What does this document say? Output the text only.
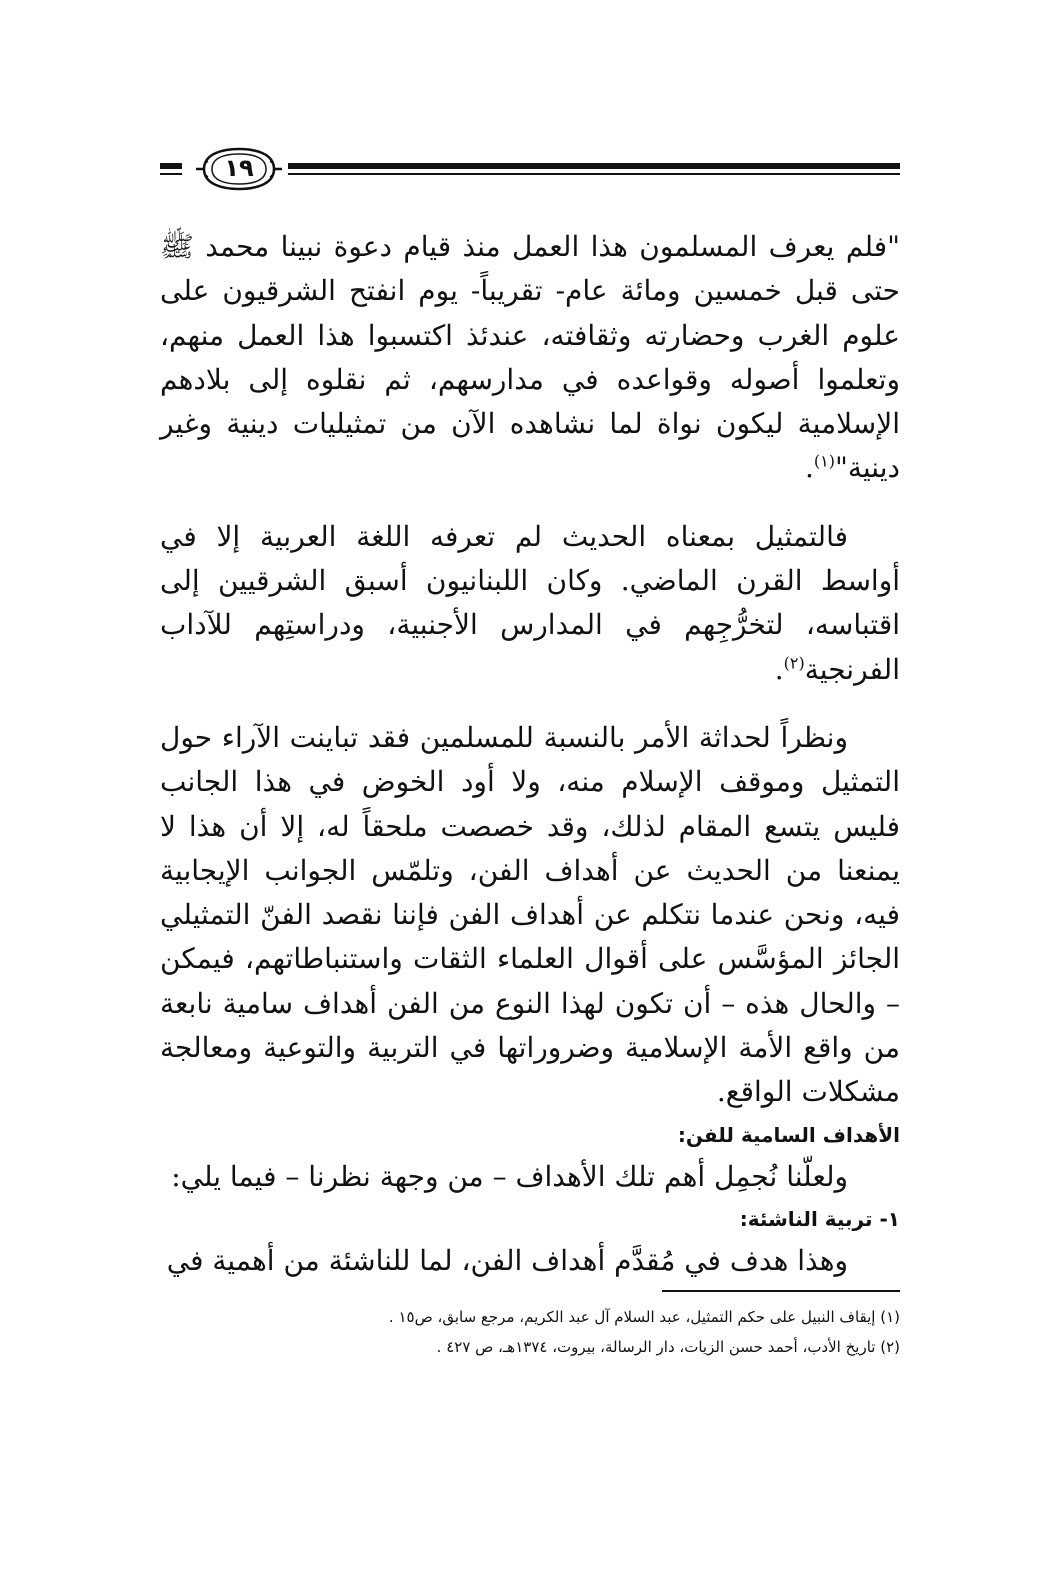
١٩

"فلم يعرف المسلمون هذا العمل منذ قيام دعوة نبينا محمد ﷺ حتى قبل خمسين ومائة عام- تقريباً- يوم انفتح الشرقيون على علوم الغرب وحضارته وثقافته، عندئذ اكتسبوا هذا العمل منهم، وتعلموا أصوله وقواعده في مدارسهم، ثم نقلوه إلى بلادهم الإسلامية ليكون نواة لما نشاهده الآن من تمثيليات دينية وغير دينية"$^{(١)}$.

فالتمثيل بمعناه الحديث لم تعرفه اللغة العربية إلا في أواسط القرن الماضي. وكان اللبنانيون أسبق الشرقيين إلى اقتباسه، لتخرُّجِهم في المدارس الأجنبية، ودراستِهم للآداب الفرنجية$^{(٢)}$.

ونظراً لحداثة الأمر بالنسبة للمسلمين فقد تباينت الآراء حول التمثيل وموقف الإسلام منه، ولا أود الخوض في هذا الجانب فليس يتسع المقام لذلك، وقد خصصت ملحقاً له، إلا أن هذا لا يمنعنا من الحديث عن أهداف الفن، وتلمّس الجوانب الإيجابية فيه، ونحن عندما نتكلم عن أهداف الفن فإننا نقصد الفنّ التمثيلي الجائز المؤسَّس على أقوال العلماء الثقات واستنباطاتهم، فيمكن – والحال هذه – أن تكون لهذا النوع من الفن أهداف سامية نابعة من واقع الأمة الإسلامية وضروراتها في التربية والتوعية ومعالجة مشكلات الواقع.

الأهداف السامية للفن:

ولعلّنا نُجمِل أهم تلك الأهداف – من وجهة نظرنا – فيما يلي:

١- تربية الناشئة:

وهذا هدف في مُقدَّم أهداف الفن، لما للناشئة من أهمية في

(١) إيقاف النبيل على حكم التمثيل، عبد السلام آل عبد الكريم، مرجع سابق، ص١٥ .

(٢) تاريخ الأدب، أحمد حسن الزيات، دار الرسالة، بيروت، ١٣٧٤هـ، ص ٤٢٧ .
